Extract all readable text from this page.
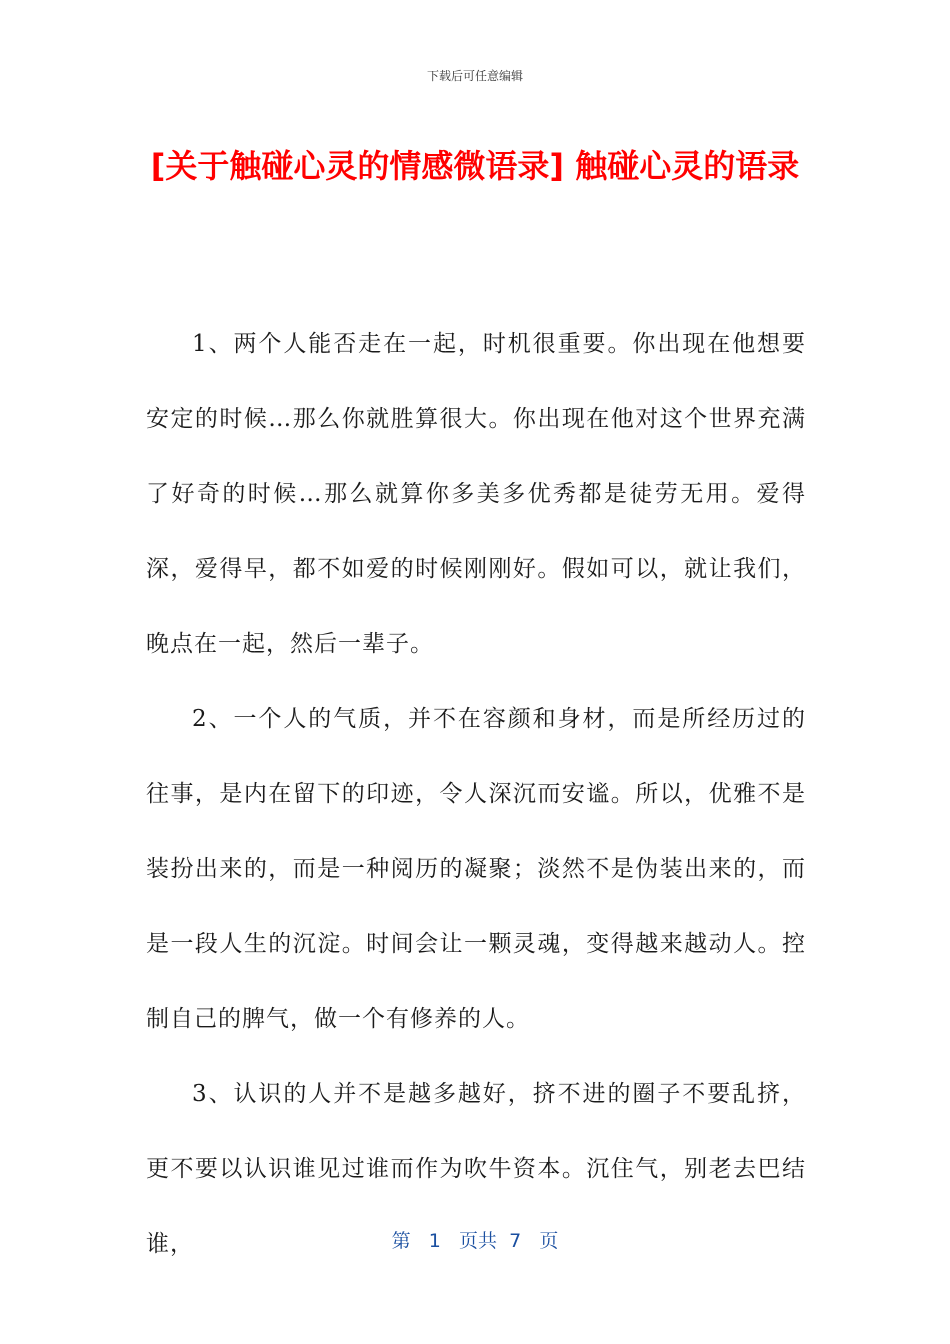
下载后可任意编辑
[关于触碰心灵的情感微语录] 触碰心灵的语录

1、两个人能否走在一起，时机很重要。你出现在他想要安定的时候…那么你就胜算很大。你出现在他对这个世界充满了好奇的时候…那么就算你多美多优秀都是徒劳无用。爱得深，爱得早，都不如爱的时候刚刚好。假如可以，就让我们，晚点在一起，然后一辈子。

2、一个人的气质，并不在容颜和身材，而是所经历过的往事，是内在留下的印迹，令人深沉而安谧。所以，优雅不是装扮出来的，而是一种阅历的凝聚；淡然不是伪装出来的，而是一段人生的沉淀。时间会让一颗灵魂，变得越来越动人。控制自己的脾气，做一个有修养的人。

3、认识的人并不是越多越好，挤不进的圈子不要乱挤，更不要以认识谁见过谁而作为吹牛资本。沉住气，别老去巴结谁，	第 1 页共 7 页
